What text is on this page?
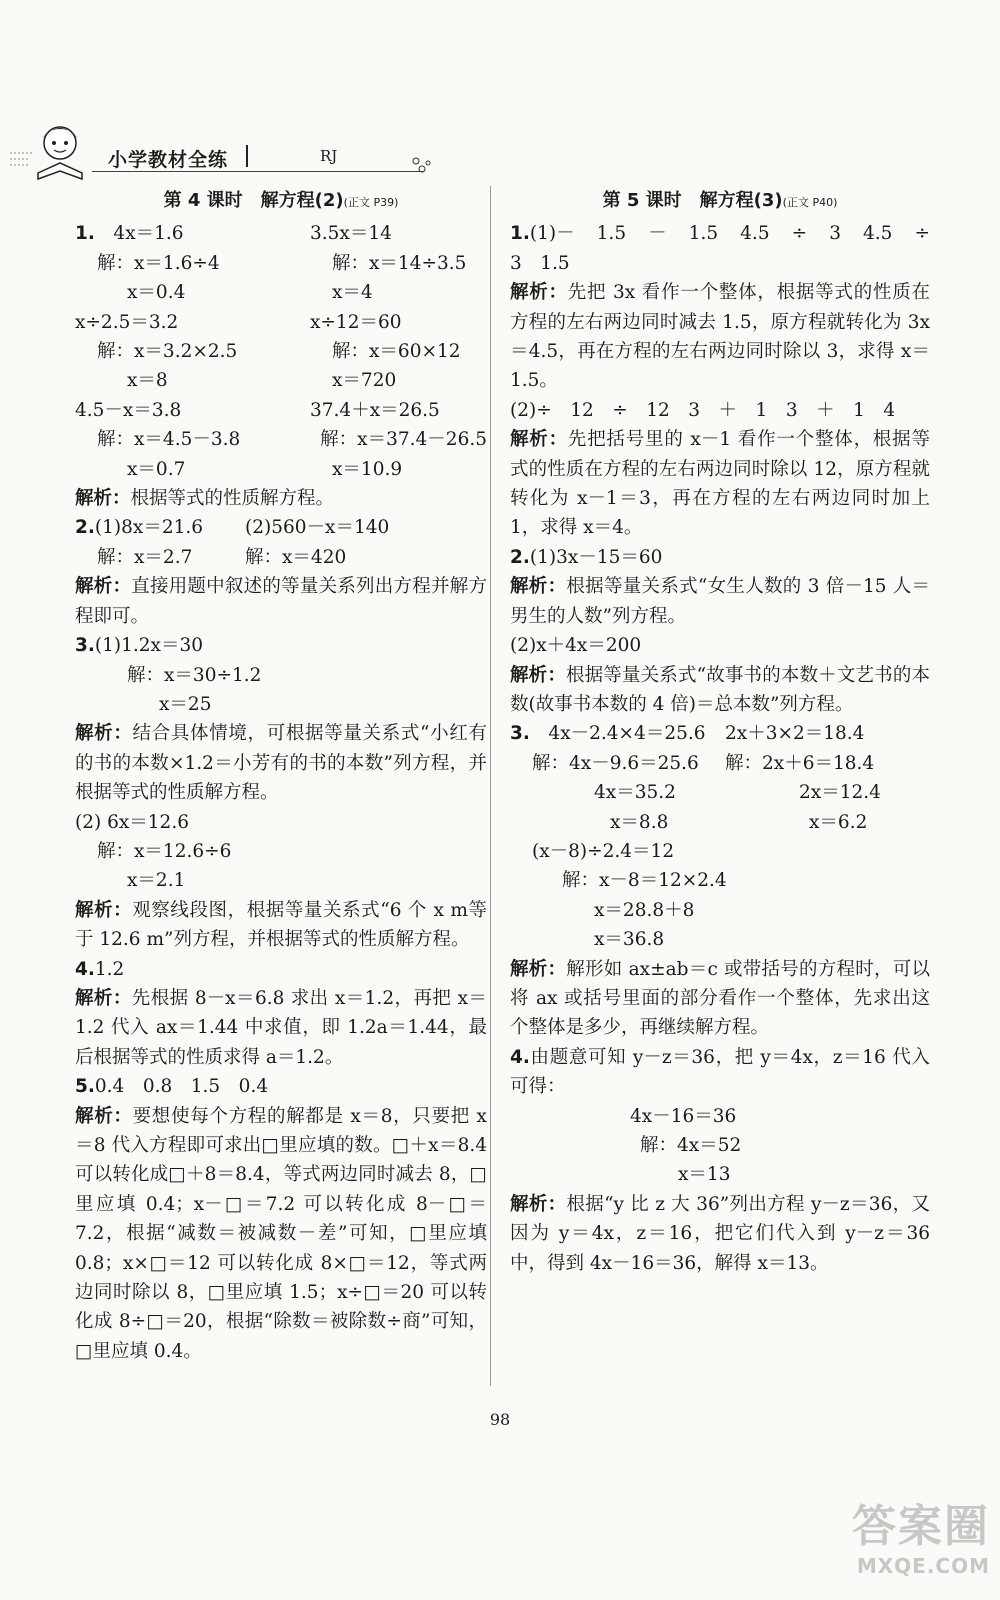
小学教材全练	RJ
第 4 课时　解方程(2)(正文 P39)
1.　 4x＝1.6	3.5x＝14
解：x＝1.6÷4	解：x＝14÷3.5
x＝0.4	x＝4
x÷2.5＝3.2	x÷12＝60
解：x＝3.2×2.5	解：x＝60×12
x＝8	x＝720
4.5－x＝3.8	37.4＋x＝26.5
解：x＝4.5－3.8	解：x＝37.4－26.5
x＝0.7	x＝10.9
解析：根据等式的性质解方程。
2.(1)8x＝21.6	(2)560－x＝140
解：x＝2.7	解：x＝420
解析：直接用题中叙述的等量关系列出方程并解方程即可。
3.(1)1.2x＝30
解：x＝30÷1.2
x＝25
解析：结合具体情境，可根据等量关系式“小红有的书的本数×1.2＝小芳有的书的本数”列方程，并根据等式的性质解方程。
(2) 6x＝12.6
解：x＝12.6÷6
x＝2.1
解析：观察线段图，根据等量关系式“6 个 x m等于 12.6 m”列方程，并根据等式的性质解方程。
4.1.2
解析：先根据 8－x＝6.8 求出 x＝1.2，再把 x＝1.2 代入 ax＝1.44 中求值，即 1.2a＝1.44，最后根据等式的性质求得 a＝1.2。
5.0.4　0.8　1.5　0.4
解析：要想使每个方程的解都是 x＝8，只要把 x＝8 代入方程即可求出□里应填的数。□＋x＝8.4 可以转化成□＋8＝8.4，等式两边同时减去 8，□里应填 0.4；x－□＝7.2 可以转化成 8－□＝7.2，根据“减数＝被减数－差”可知，□里应填 0.8；x×□＝12 可以转化成 8×□＝12，等式两边同时除以 8，□里应填 1.5；x÷□＝20 可以转化成 8÷□＝20，根据“除数＝被除数÷商”可知，□里应填 0.4。
第 5 课时　解方程(3)(正文 P40)
1.(1)－　1.5　－　1.5　4.5　÷　3　4.5　÷　3　1.5
解析：先把 3x 看作一个整体，根据等式的性质在方程的左右两边同时减去 1.5，原方程就转化为 3x＝4.5，再在方程的左右两边同时除以 3，求得 x＝1.5。
(2)÷　12　÷　12　3　＋　1　3　＋　1　4
解析：先把括号里的 x－1 看作一个整体，根据等式的性质在方程的左右两边同时除以 12，原方程就转化为 x－1＝3，再在方程的左右两边同时加上 1，求得 x＝4。
2.(1)3x－15＝60
解析：根据等量关系式“女生人数的 3 倍－15 人＝男生的人数”列方程。
(2)x＋4x＝200
解析：根据等量关系式“故事书的本数＋文艺书的本数(故事书本数的 4 倍)＝总本数”列方程。
3.　 4x－2.4×4＝25.6	2x＋3×2＝18.4
解：4x－9.6＝25.6	解：2x＋6＝18.4
4x＝35.2	2x＝12.4
x＝8.8	x＝6.2
(x－8)÷2.4＝12
解：x－8＝12×2.4
x＝28.8＋8
x＝36.8
解析：解形如 ax±ab＝c 或带括号的方程时，可以将 ax 或括号里面的部分看作一个整体，先求出这个整体是多少，再继续解方程。
4.由题意可知 y－z＝36，把 y＝4x，z＝16 代入可得：
4x－16＝36
解：4x＝52
x＝13
解析：根据“y 比 z 大 36”列出方程 y－z＝36，又因为 y＝4x，z＝16，把它们代入到 y－z＝36 中，得到 4x－16＝36，解得 x＝13。
98
答案圈
MXQE.COM
